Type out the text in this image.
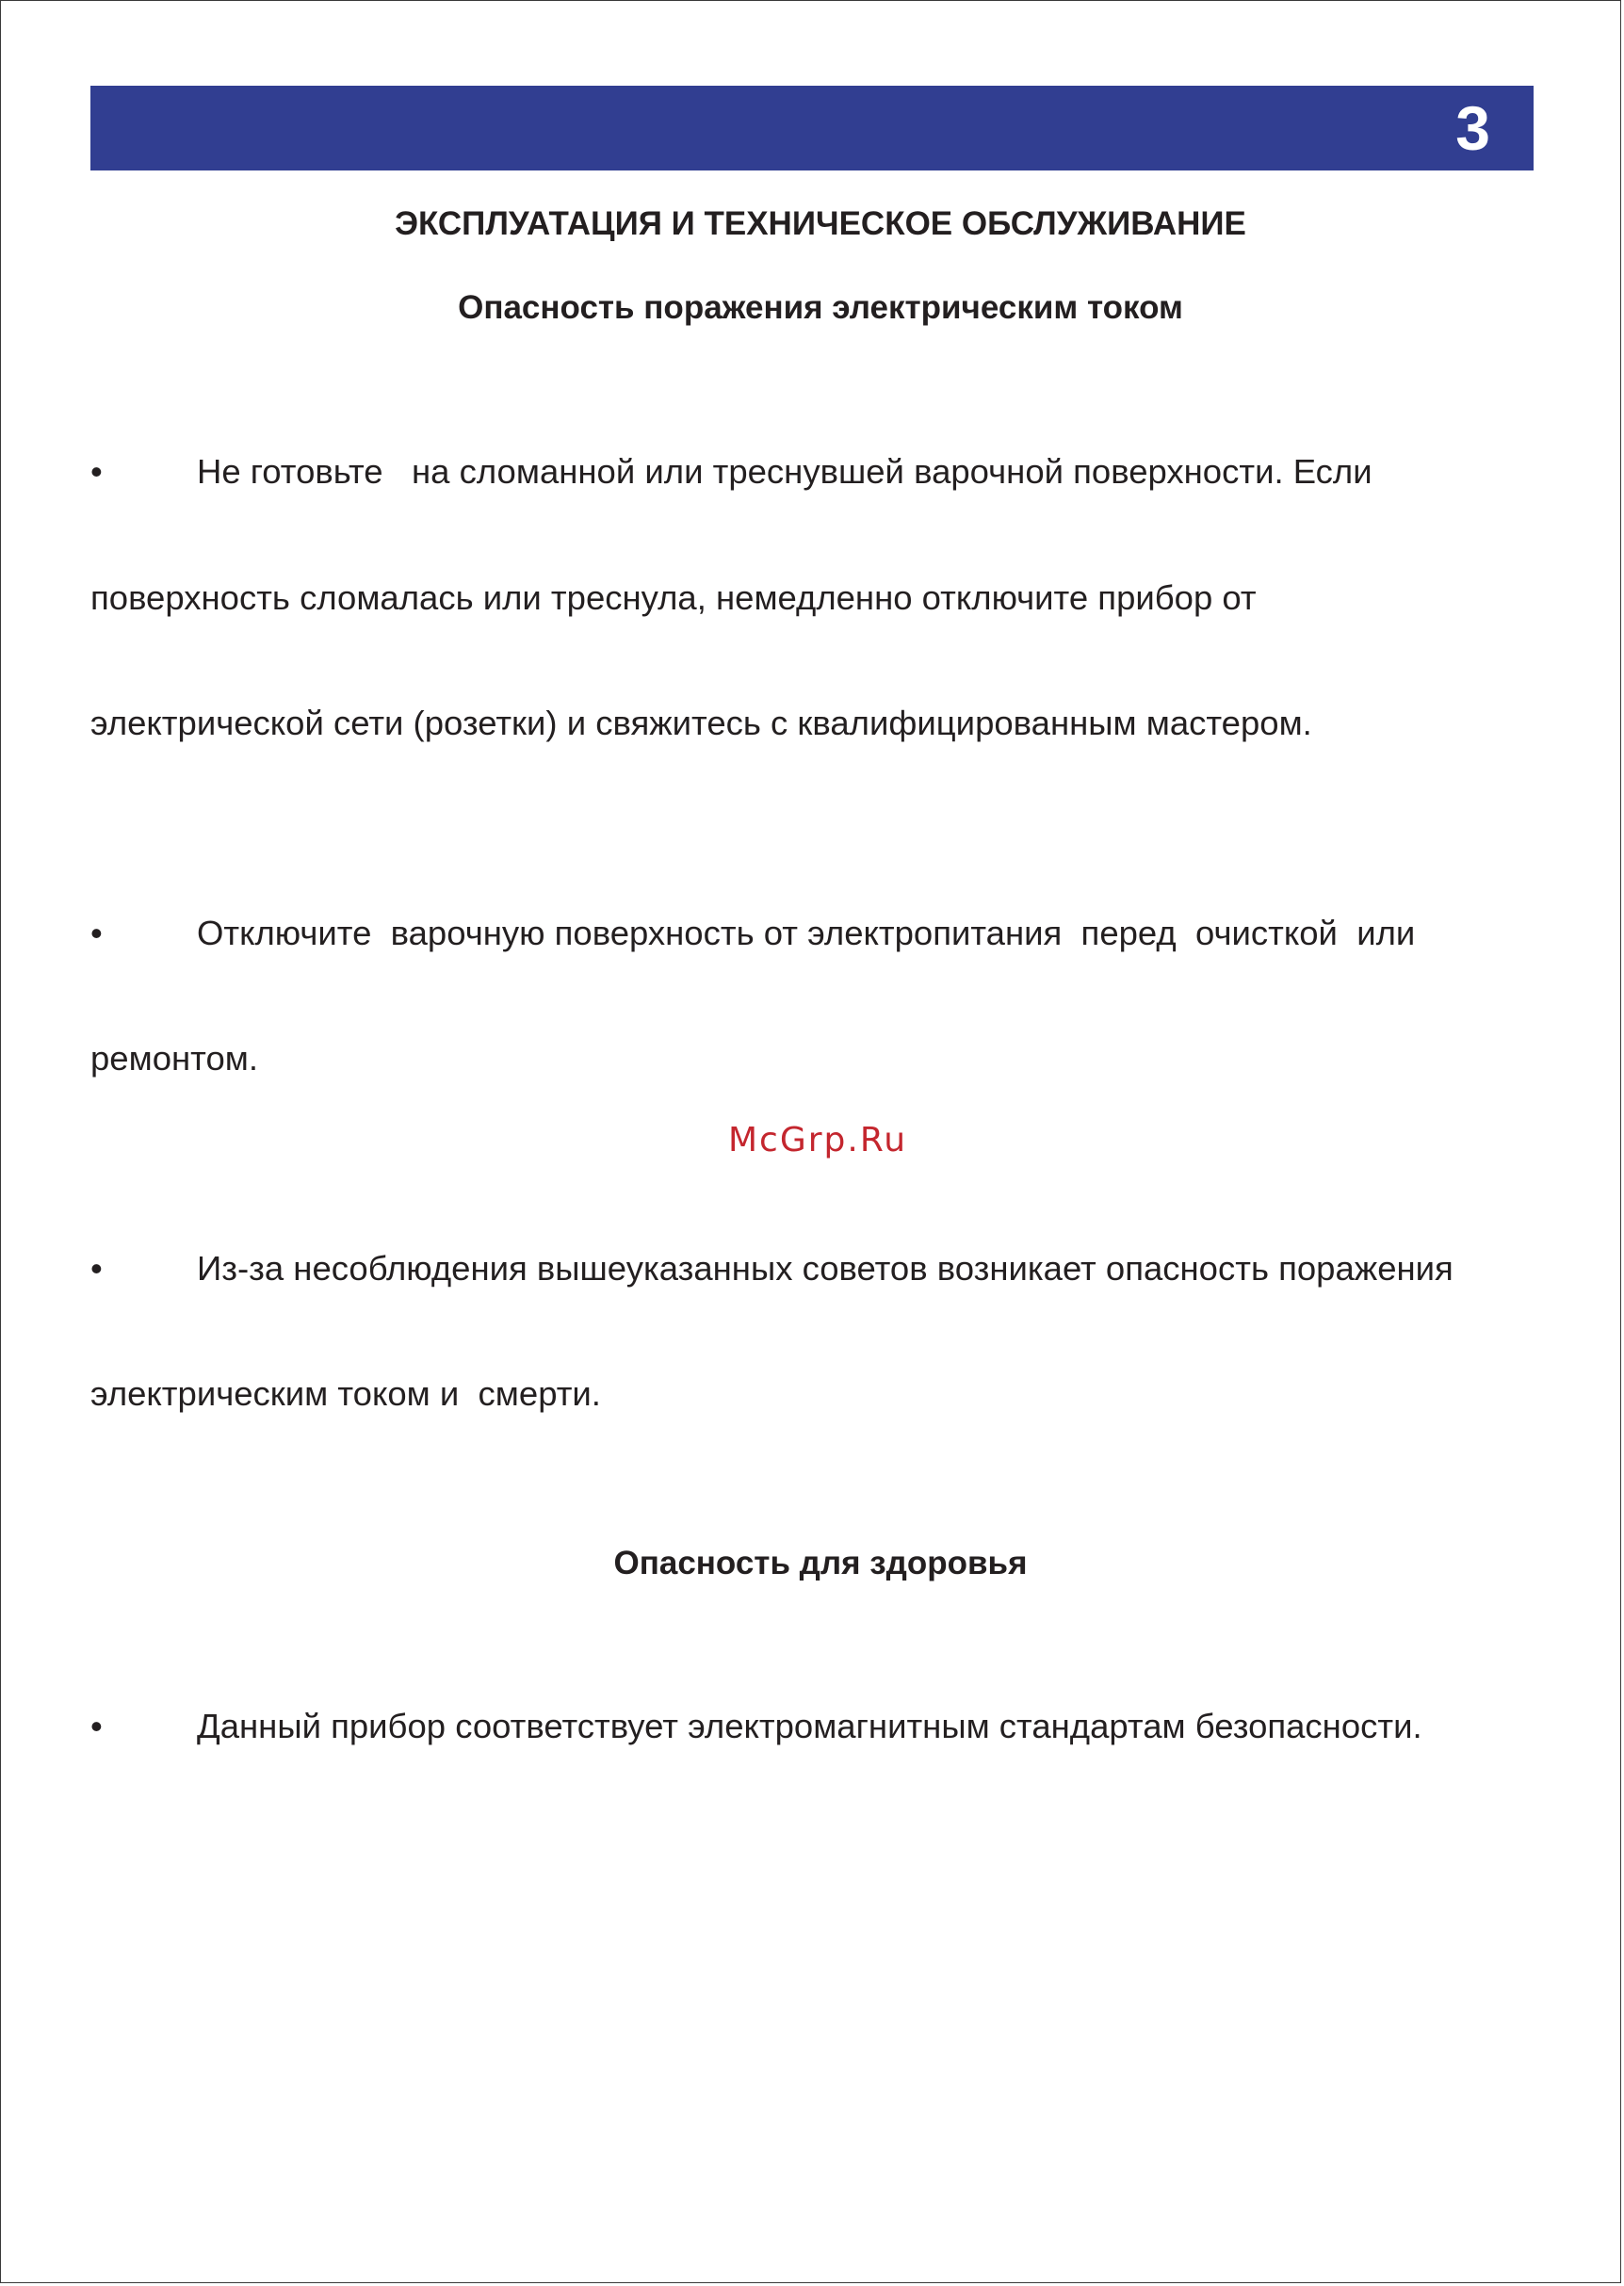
3
ЭКСПЛУАТАЦИЯ И ТЕХНИЧЕСКОЕ ОБСЛУЖИВАНИЕ
Опасность поражения электрическим током

•	Не готовьте   на сломанной или треснувшей варочной поверхности. Если

поверхность сломалась или треснула, немедленно отключите прибор от

электрической сети (розетки) и свяжитесь с квалифицированным мастером.

•	Отключите  варочную поверхность от электропитания  перед  очисткой  или

ремонтом.

•	Из-за несоблюдения вышеуказанных советов возникает опасность поражения

электрическим током и  смерти.

Опасность для здоровья

•	Данный прибор соответствует электромагнитным стандартам безопасности.

McGrp.Ru
